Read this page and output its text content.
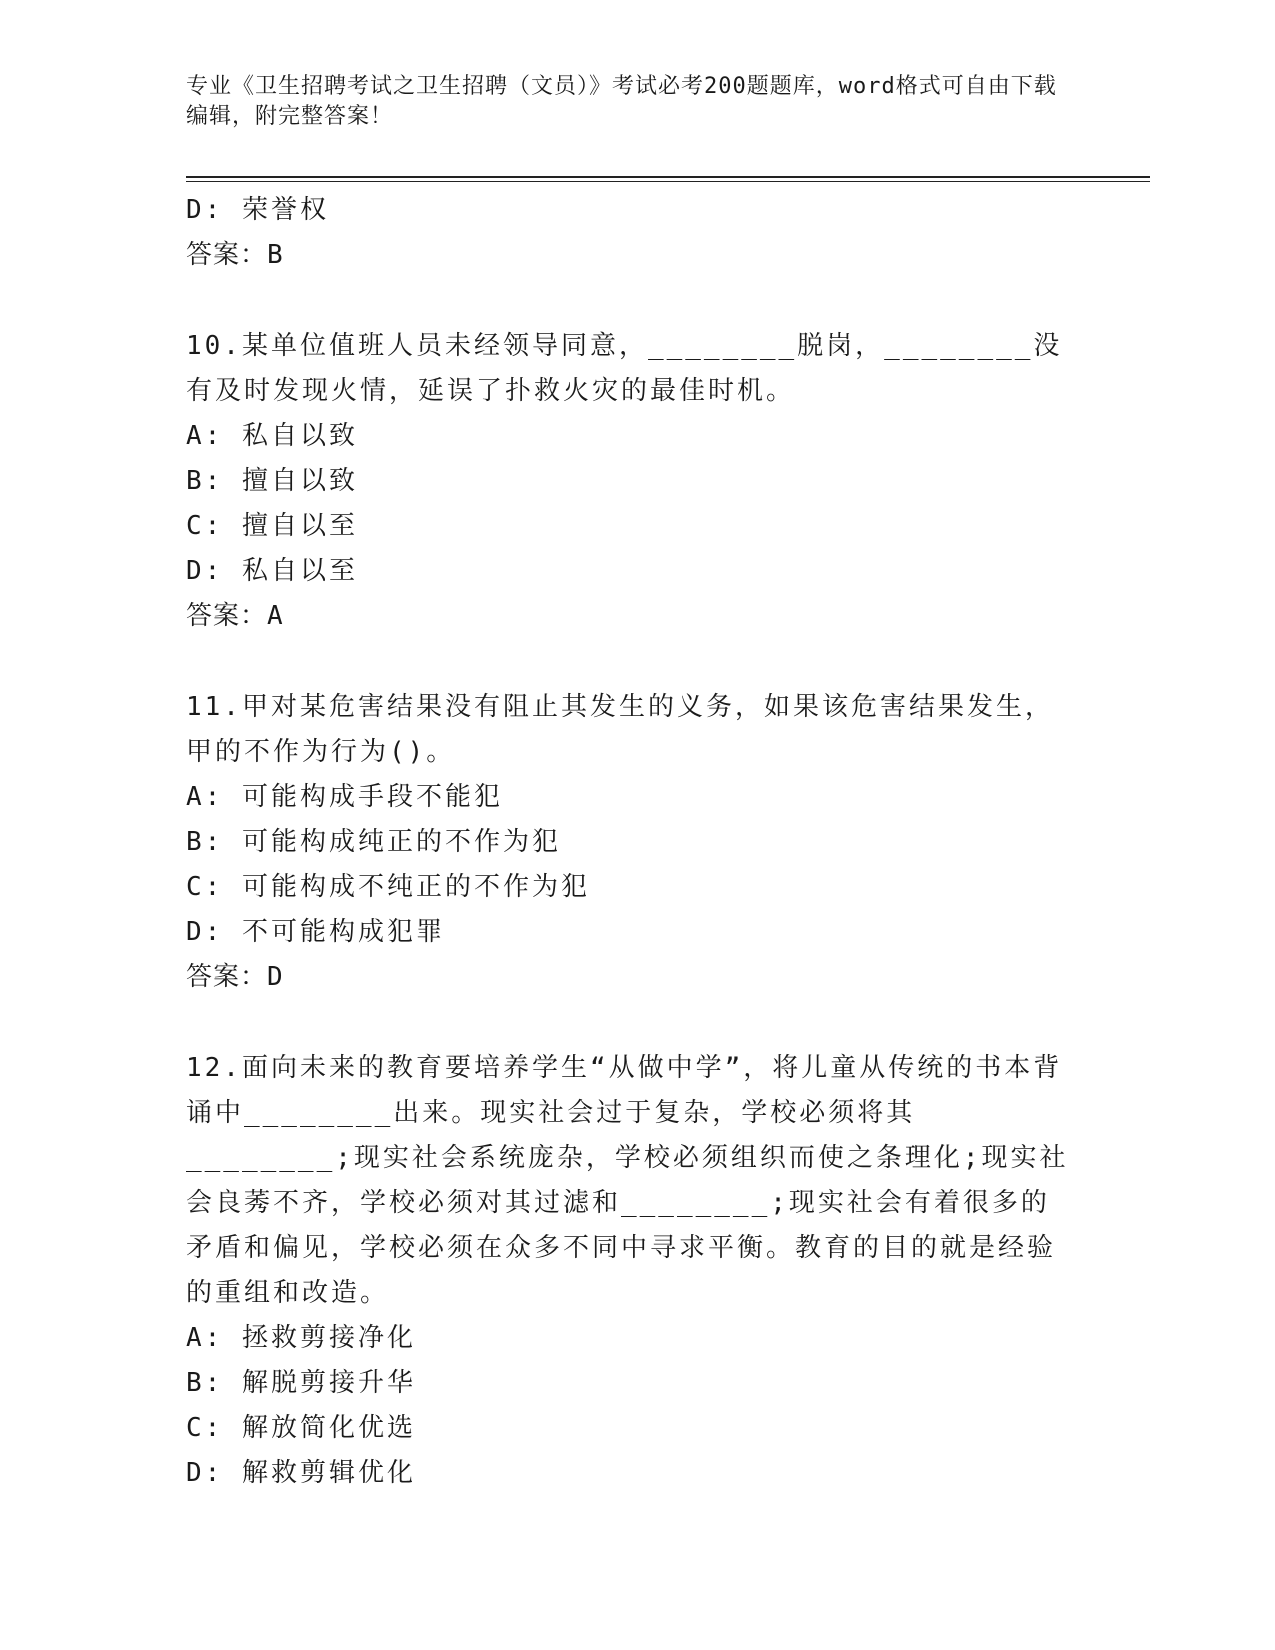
专业《卫生招聘考试之卫生招聘（文员）》考试必考200题题库，word格式可自由下载编辑，附完整答案！
D: 荣誉权
答案：B
10.某单位值班人员未经领导同意，________脱岗，________没有及时发现火情，延误了扑救火灾的最佳时机。
A: 私自以致
B: 擅自以致
C: 擅自以至
D: 私自以至
答案：A
11.甲对某危害结果没有阻止其发生的义务，如果该危害结果发生，甲的不作为行为()。
A: 可能构成手段不能犯
B: 可能构成纯正的不作为犯
C: 可能构成不纯正的不作为犯
D: 不可能构成犯罪
答案：D
12.面向未来的教育要培养学生“从做中学”，将儿童从传统的书本背诵中________出来。现实社会过于复杂，学校必须将其________;现实社会系统庞杂，学校必须组织而使之条理化;现实社会良莠不齐，学校必须对其过滤和________;现实社会有着很多的矛盾和偏见，学校必须在众多不同中寻求平衡。教育的目的就是经验的重组和改造。
A: 拯救剪接净化
B: 解脱剪接升华
C: 解放简化优选
D: 解救剪辑优化
